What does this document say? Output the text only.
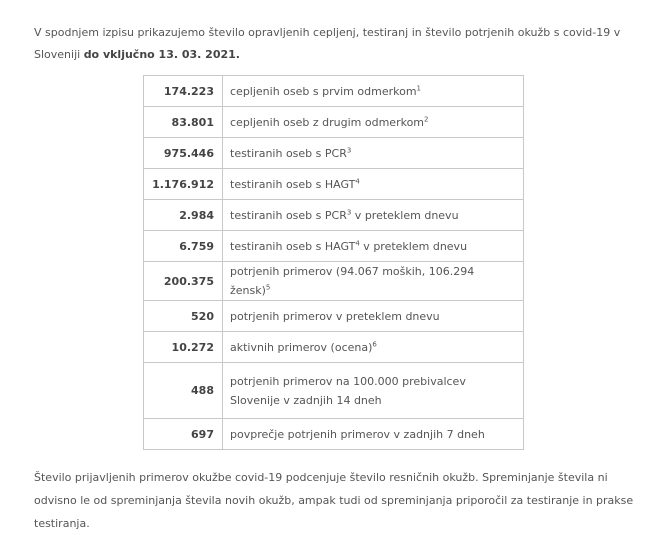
V spodnjem izpisu prikazujemo število opravljenih cepljenj, testiranj in število potrjenih okužb s covid-19 v Sloveniji do vključno 13. 03. 2021.

174.223	cepljenih oseb s prvim odmerkom$^1$
83.801	cepljenih oseb z drugim odmerkom$^2$
975.446	testiranih oseb s PCR$^3$
1.176.912	testiranih oseb s HAGT$^4$
2.984	testiranih oseb s PCR$^3$ v preteklem dnevu
6.759	testiranih oseb s HAGT$^4$ v preteklem dnevu
200.375	potrjenih primerov (94.067 moških, 106.294 žensk)$^5$
520	potrjenih primerov v preteklem dnevu
10.272	aktivnih primerov (ocena)$^6$
488	potrjenih primerov na 100.000 prebivalcev Slovenije v zadnjih 14 dneh
697	povprečje potrjenih primerov v zadnjih 7 dneh

Število prijavljenih primerov okužbe covid-19 podcenjuje število resničnih okužb. Spreminjanje števila ni odvisno le od spreminjanja števila novih okužb, ampak tudi od spreminjanja priporočil za testiranje in prakse testiranja.
